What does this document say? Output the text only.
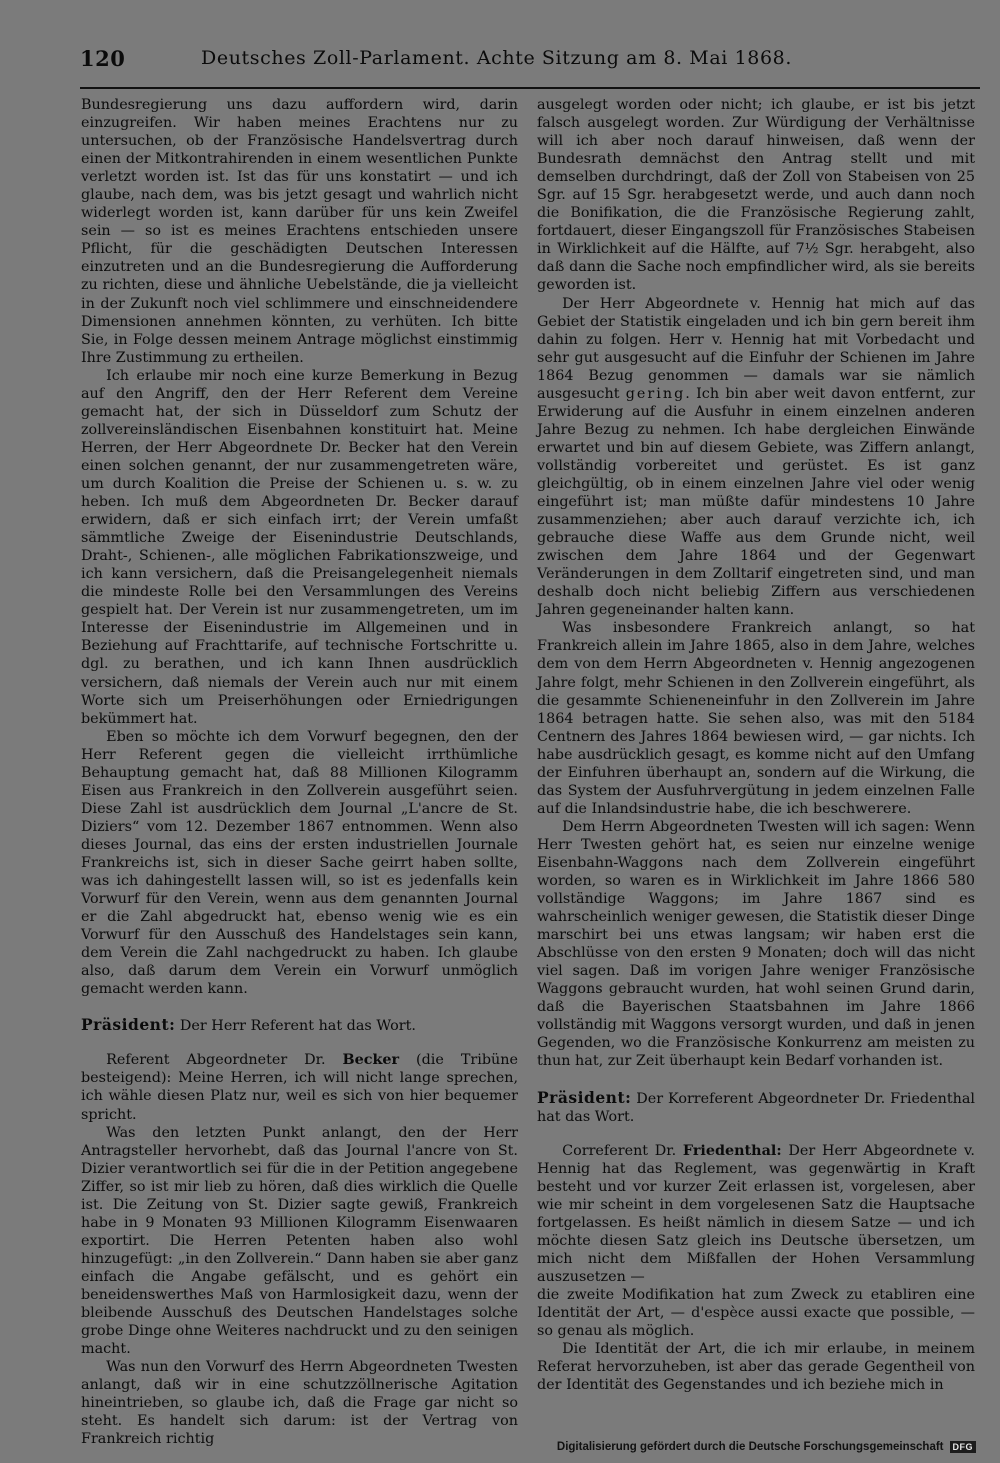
120	Deutsches Zoll-Parlament. Achte Sitzung am 8. Mai 1868.

Bundesregierung uns dazu auffordern wird, darin einzugreifen. Wir haben meines Erachtens nur zu untersuchen, ob der Französische Handelsvertrag durch einen der Mitkontrahirenden in einem wesentlichen Punkte verletzt worden ist. Ist das für uns konstatirt — und ich glaube, nach dem, was bis jetzt gesagt und wahrlich nicht widerlegt worden ist, kann darüber für uns kein Zweifel sein — so ist es meines Erachtens entschieden unsere Pflicht, für die geschädigten Deutschen Interessen einzutreten und an die Bundesregierung die Aufforderung zu richten, diese und ähnliche Uebelstände, die ja vielleicht in der Zukunft noch viel schlimmere und einschneidendere Dimensionen annehmen könnten, zu verhüten. Ich bitte Sie, in Folge dessen meinem Antrage möglichst einstimmig Ihre Zustimmung zu ertheilen.

Ich erlaube mir noch eine kurze Bemerkung in Bezug auf den Angriff, den der Herr Referent dem Vereine gemacht hat, der sich in Düsseldorf zum Schutz der zollvereinsländischen Eisenbahnen konstituirt hat. Meine Herren, der Herr Abgeordnete Dr. Becker hat den Verein einen solchen genannt, der nur zusammengetreten wäre, um durch Koalition die Preise der Schienen u. s. w. zu heben. Ich muß dem Abgeordneten Dr. Becker darauf erwidern, daß er sich einfach irrt; der Verein umfaßt sämmtliche Zweige der Eisenindustrie Deutschlands, Draht-, Schienen-, alle möglichen Fabrikationszweige, und ich kann versichern, daß die Preisangelegenheit niemals die mindeste Rolle bei den Versammlungen des Vereins gespielt hat. Der Verein ist nur zusammengetreten, um im Interesse der Eisenindustrie im Allgemeinen und in Beziehung auf Frachttarife, auf technische Fortschritte u. dgl. zu berathen, und ich kann Ihnen ausdrücklich versichern, daß niemals der Verein auch nur mit einem Worte sich um Preiserhöhungen oder Erniedrigungen bekümmert hat.

Eben so möchte ich dem Vorwurf begegnen, den der Herr Referent gegen die vielleicht irrthümliche Behauptung gemacht hat, daß 88 Millionen Kilogramm Eisen aus Frankreich in den Zollverein ausgeführt seien. Diese Zahl ist ausdrücklich dem Journal „L'ancre de St. Diziers“ vom 12. Dezember 1867 entnommen. Wenn also dieses Journal, das eins der ersten industriellen Journale Frankreichs ist, sich in dieser Sache geirrt haben sollte, was ich dahingestellt lassen will, so ist es jedenfalls kein Vorwurf für den Verein, wenn aus dem genannten Journal er die Zahl abgedruckt hat, ebenso wenig wie es ein Vorwurf für den Ausschuß des Handelstages sein kann, dem Verein die Zahl nachgedruckt zu haben. Ich glaube also, daß darum dem Verein ein Vorwurf unmöglich gemacht werden kann.

Präsident: Der Herr Referent hat das Wort.

Referent Abgeordneter Dr. Becker (die Tribüne besteigend): Meine Herren, ich will nicht lange sprechen, ich wähle diesen Platz nur, weil es sich von hier bequemer spricht.

Was den letzten Punkt anlangt, den der Herr Antragsteller hervorhebt, daß das Journal l'ancre von St. Dizier verantwortlich sei für die in der Petition angegebene Ziffer, so ist mir lieb zu hören, daß dies wirklich die Quelle ist. Die Zeitung von St. Dizier sagte gewiß, Frankreich habe in 9 Monaten 93 Millionen Kilogramm Eisenwaaren exportirt. Die Herren Petenten haben also wohl hinzugefügt: „in den Zollverein.“ Dann haben sie aber ganz einfach die Angabe gefälscht, und es gehört ein beneidenswerthes Maß von Harmlosigkeit dazu, wenn der bleibende Ausschuß des Deutschen Handelstages solche grobe Dinge ohne Weiteres nachdruckt und zu den seinigen macht.

Was nun den Vorwurf des Herrn Abgeordneten Twesten anlangt, daß wir in eine schutzzöllnerische Agitation hineintrieben, so glaube ich, daß die Frage gar nicht so steht. Es handelt sich darum: ist der Vertrag von Frankreich richtig

ausgelegt worden oder nicht; ich glaube, er ist bis jetzt falsch ausgelegt worden. Zur Würdigung der Verhältnisse will ich aber noch darauf hinweisen, daß wenn der Bundesrath demnächst den Antrag stellt und mit demselben durchdringt, daß der Zoll von Stabeisen von 25 Sgr. auf 15 Sgr. herabgesetzt werde, und auch dann noch die Bonifikation, die die Französische Regierung zahlt, fortdauert, dieser Eingangszoll für Französisches Stabeisen in Wirklichkeit auf die Hälfte, auf 7½ Sgr. herabgeht, also daß dann die Sache noch empfindlicher wird, als sie bereits geworden ist.

Der Herr Abgeordnete v. Hennig hat mich auf das Gebiet der Statistik eingeladen und ich bin gern bereit ihm dahin zu folgen. Herr v. Hennig hat mit Vorbedacht und sehr gut ausgesucht auf die Einfuhr der Schienen im Jahre 1864 Bezug genommen — damals war sie nämlich ausgesucht gering. Ich bin aber weit davon entfernt, zur Erwiderung auf die Ausfuhr in einem einzelnen anderen Jahre Bezug zu nehmen. Ich habe dergleichen Einwände erwartet und bin auf diesem Gebiete, was Ziffern anlangt, vollständig vorbereitet und gerüstet. Es ist ganz gleichgültig, ob in einem einzelnen Jahre viel oder wenig eingeführt ist; man müßte dafür mindestens 10 Jahre zusammenziehen; aber auch darauf verzichte ich, ich gebrauche diese Waffe aus dem Grunde nicht, weil zwischen dem Jahre 1864 und der Gegenwart Veränderungen in dem Zolltarif eingetreten sind, und man deshalb doch nicht beliebig Ziffern aus verschiedenen Jahren gegeneinander halten kann.

Was insbesondere Frankreich anlangt, so hat Frankreich allein im Jahre 1865, also in dem Jahre, welches dem von dem Herrn Abgeordneten v. Hennig angezogenen Jahre folgt, mehr Schienen in den Zollverein eingeführt, als die gesammte Schieneneinfuhr in den Zollverein im Jahre 1864 betragen hatte. Sie sehen also, was mit den 5184 Centnern des Jahres 1864 bewiesen wird, — gar nichts. Ich habe ausdrücklich gesagt, es komme nicht auf den Umfang der Einfuhren überhaupt an, sondern auf die Wirkung, die das System der Ausfuhrvergütung in jedem einzelnen Falle auf die Inlandsindustrie habe, die ich beschwerere.

Dem Herrn Abgeordneten Twesten will ich sagen: Wenn Herr Twesten gehört hat, es seien nur einzelne wenige Eisenbahn-Waggons nach dem Zollverein eingeführt worden, so waren es in Wirklichkeit im Jahre 1866 580 vollständige Waggons; im Jahre 1867 sind es wahrscheinlich weniger gewesen, die Statistik dieser Dinge marschirt bei uns etwas langsam; wir haben erst die Abschlüsse von den ersten 9 Monaten; doch will das nicht viel sagen. Daß im vorigen Jahre weniger Französische Waggons gebraucht wurden, hat wohl seinen Grund darin, daß die Bayerischen Staatsbahnen im Jahre 1866 vollständig mit Waggons versorgt wurden, und daß in jenen Gegenden, wo die Französische Konkurrenz am meisten zu thun hat, zur Zeit überhaupt kein Bedarf vorhanden ist.

Präsident: Der Korreferent Abgeordneter Dr. Friedenthal hat das Wort.

Correferent Dr. Friedenthal: Der Herr Abgeordnete v. Hennig hat das Reglement, was gegenwärtig in Kraft besteht und vor kurzer Zeit erlassen ist, vorgelesen, aber wie mir scheint in dem vorgelesenen Satz die Hauptsache fortgelassen. Es heißt nämlich in diesem Satze — und ich möchte diesen Satz gleich ins Deutsche übersetzen, um mich nicht dem Mißfallen der Hohen Versammlung auszusetzen —

die zweite Modifikation hat zum Zweck zu etabliren eine Identität der Art, — d'espèce aussi exacte que possible, — so genau als möglich.

Die Identität der Art, die ich mir erlaube, in meinem Referat hervorzuheben, ist aber das gerade Gegentheil von der Identität des Gegenstandes und ich beziehe mich in

Digitalisierung gefördert durch die Deutsche Forschungsgemeinschaft	DFG
